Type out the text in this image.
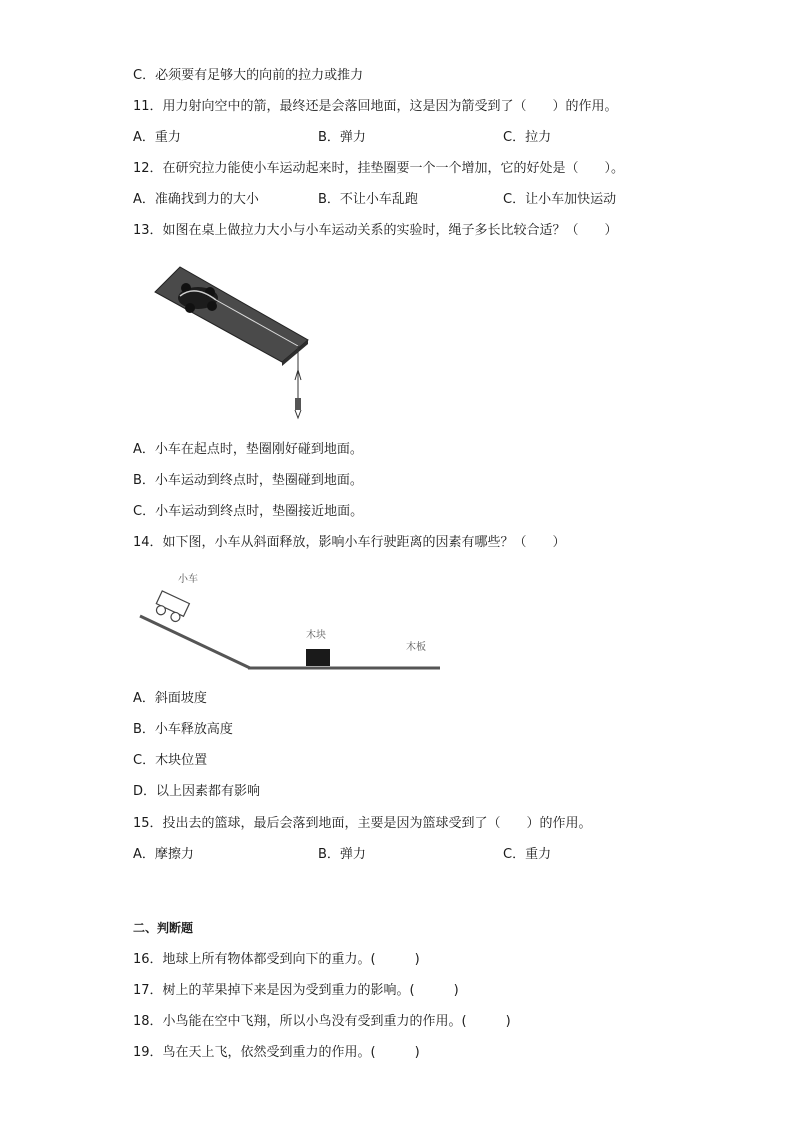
C．必须要有足够大的向前的拉力或推力
11．用力射向空中的箭，最终还是会落回地面，这是因为箭受到了（　　）的作用。
A．重力	B．弹力	C．拉力
12．在研究拉力能使小车运动起来时，挂垫圈要一个一个增加，它的好处是（　　）。
A．准确找到力的大小	B．不让小车乱跑	C．让小车加快运动
13．如图在桌上做拉力大小与小车运动关系的实验时，绳子多长比较合适？（　　）
A．小车在起点时，垫圈刚好碰到地面。
B．小车运动到终点时，垫圈碰到地面。
C．小车运动到终点时，垫圈接近地面。
14．如下图，小车从斜面释放，影响小车行驶距离的因素有哪些？（　　）
小车
木块
木板
A．斜面坡度
B．小车释放高度
C．木块位置
D．以上因素都有影响
15．投出去的篮球，最后会落到地面，主要是因为篮球受到了（　　）的作用。
A．摩擦力	B．弹力	C．重力
二、判断题
16．地球上所有物体都受到向下的重力。(　　　)
17．树上的苹果掉下来是因为受到重力的影响。(　　　)
18．小鸟能在空中飞翔，所以小鸟没有受到重力的作用。(　　　)
19．鸟在天上飞，依然受到重力的作用。(　　　)
